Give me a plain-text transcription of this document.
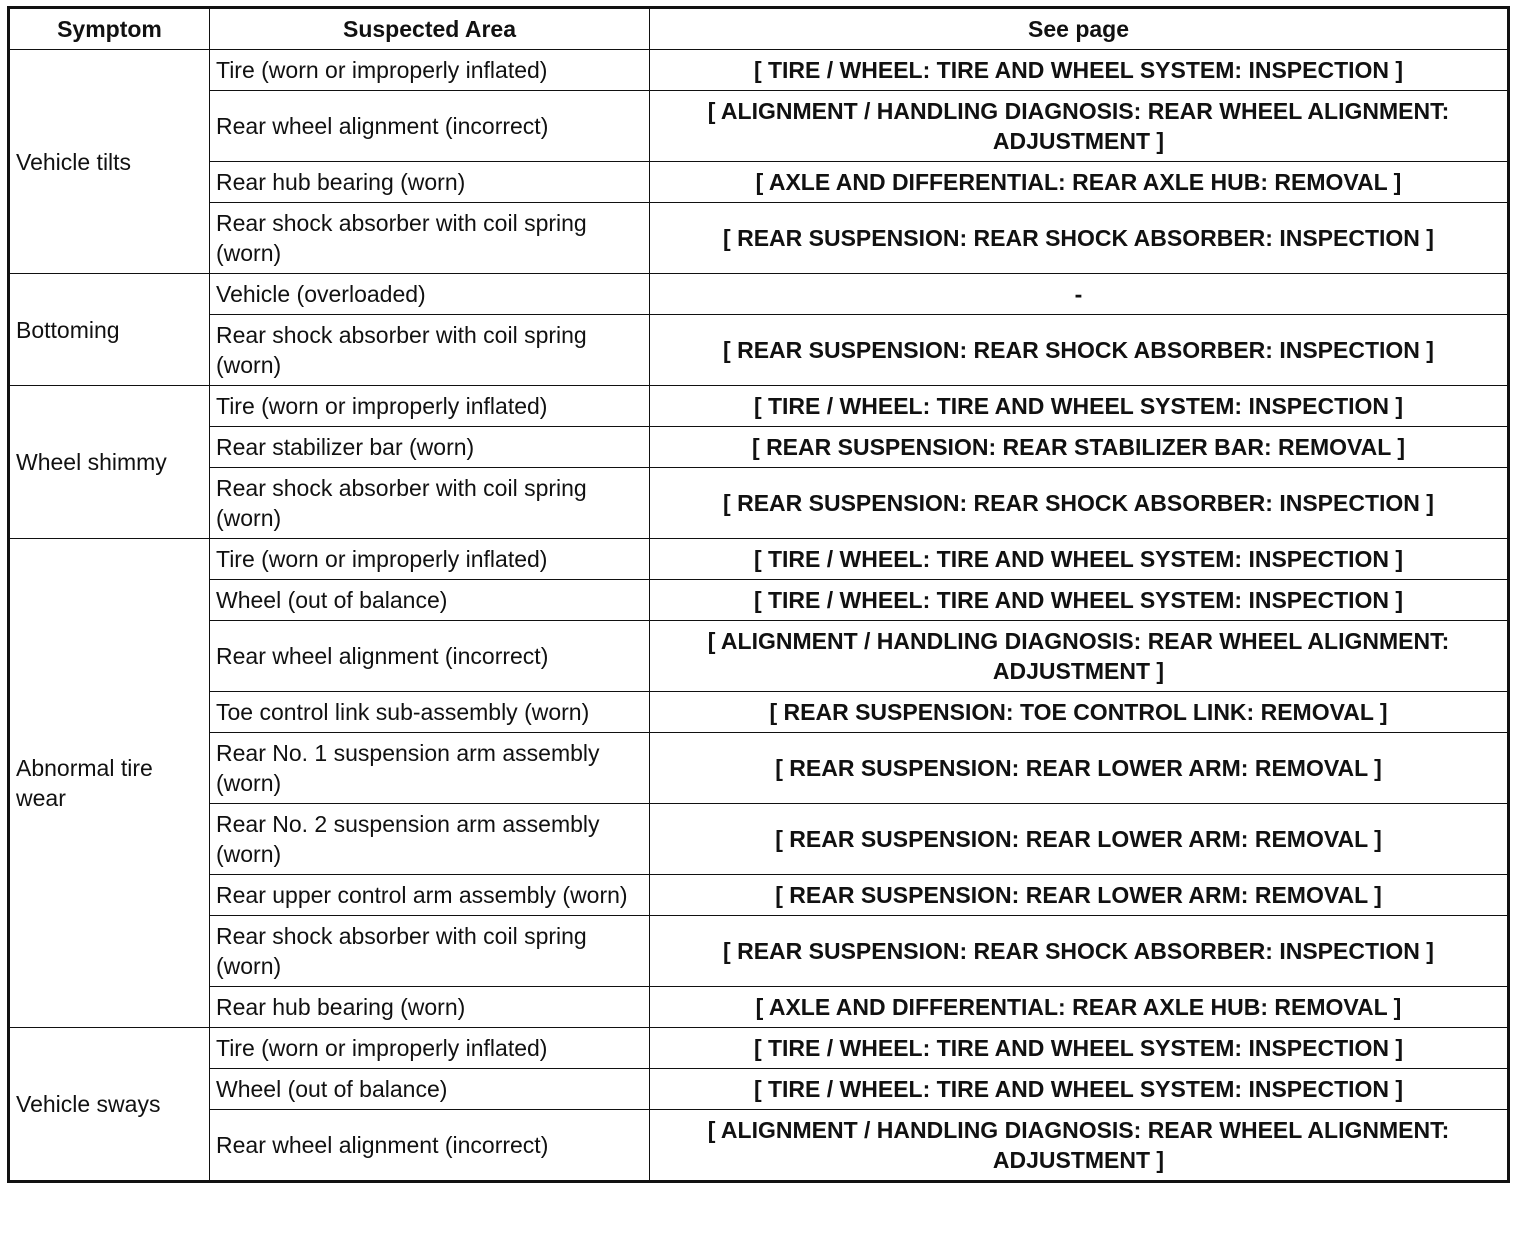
Symptom	Suspected Area	See page
Vehicle tilts	Tire (worn or improperly inflated)	[ TIRE / WHEEL: TIRE AND WHEEL SYSTEM: INSPECTION ]
	Rear wheel alignment (incorrect)	[ ALIGNMENT / HANDLING DIAGNOSIS: REAR WHEEL ALIGNMENT: ADJUSTMENT ]
	Rear hub bearing (worn)	[ AXLE AND DIFFERENTIAL: REAR AXLE HUB: REMOVAL ]
	Rear shock absorber with coil spring (worn)	[ REAR SUSPENSION: REAR SHOCK ABSORBER: INSPECTION ]
Bottoming	Vehicle (overloaded)	-
	Rear shock absorber with coil spring (worn)	[ REAR SUSPENSION: REAR SHOCK ABSORBER: INSPECTION ]
Wheel shimmy	Tire (worn or improperly inflated)	[ TIRE / WHEEL: TIRE AND WHEEL SYSTEM: INSPECTION ]
	Rear stabilizer bar (worn)	[ REAR SUSPENSION: REAR STABILIZER BAR: REMOVAL ]
	Rear shock absorber with coil spring (worn)	[ REAR SUSPENSION: REAR SHOCK ABSORBER: INSPECTION ]
Abnormal tire wear	Tire (worn or improperly inflated)	[ TIRE / WHEEL: TIRE AND WHEEL SYSTEM: INSPECTION ]
	Wheel (out of balance)	[ TIRE / WHEEL: TIRE AND WHEEL SYSTEM: INSPECTION ]
	Rear wheel alignment (incorrect)	[ ALIGNMENT / HANDLING DIAGNOSIS: REAR WHEEL ALIGNMENT: ADJUSTMENT ]
	Toe control link sub-assembly (worn)	[ REAR SUSPENSION: TOE CONTROL LINK: REMOVAL ]
	Rear No. 1 suspension arm assembly (worn)	[ REAR SUSPENSION: REAR LOWER ARM: REMOVAL ]
	Rear No. 2 suspension arm assembly (worn)	[ REAR SUSPENSION: REAR LOWER ARM: REMOVAL ]
	Rear upper control arm assembly (worn)	[ REAR SUSPENSION: REAR LOWER ARM: REMOVAL ]
	Rear shock absorber with coil spring (worn)	[ REAR SUSPENSION: REAR SHOCK ABSORBER: INSPECTION ]
	Rear hub bearing (worn)	[ AXLE AND DIFFERENTIAL: REAR AXLE HUB: REMOVAL ]
Vehicle sways	Tire (worn or improperly inflated)	[ TIRE / WHEEL: TIRE AND WHEEL SYSTEM: INSPECTION ]
	Wheel (out of balance)	[ TIRE / WHEEL: TIRE AND WHEEL SYSTEM: INSPECTION ]
	Rear wheel alignment (incorrect)	[ ALIGNMENT / HANDLING DIAGNOSIS: REAR WHEEL ALIGNMENT: ADJUSTMENT ]
